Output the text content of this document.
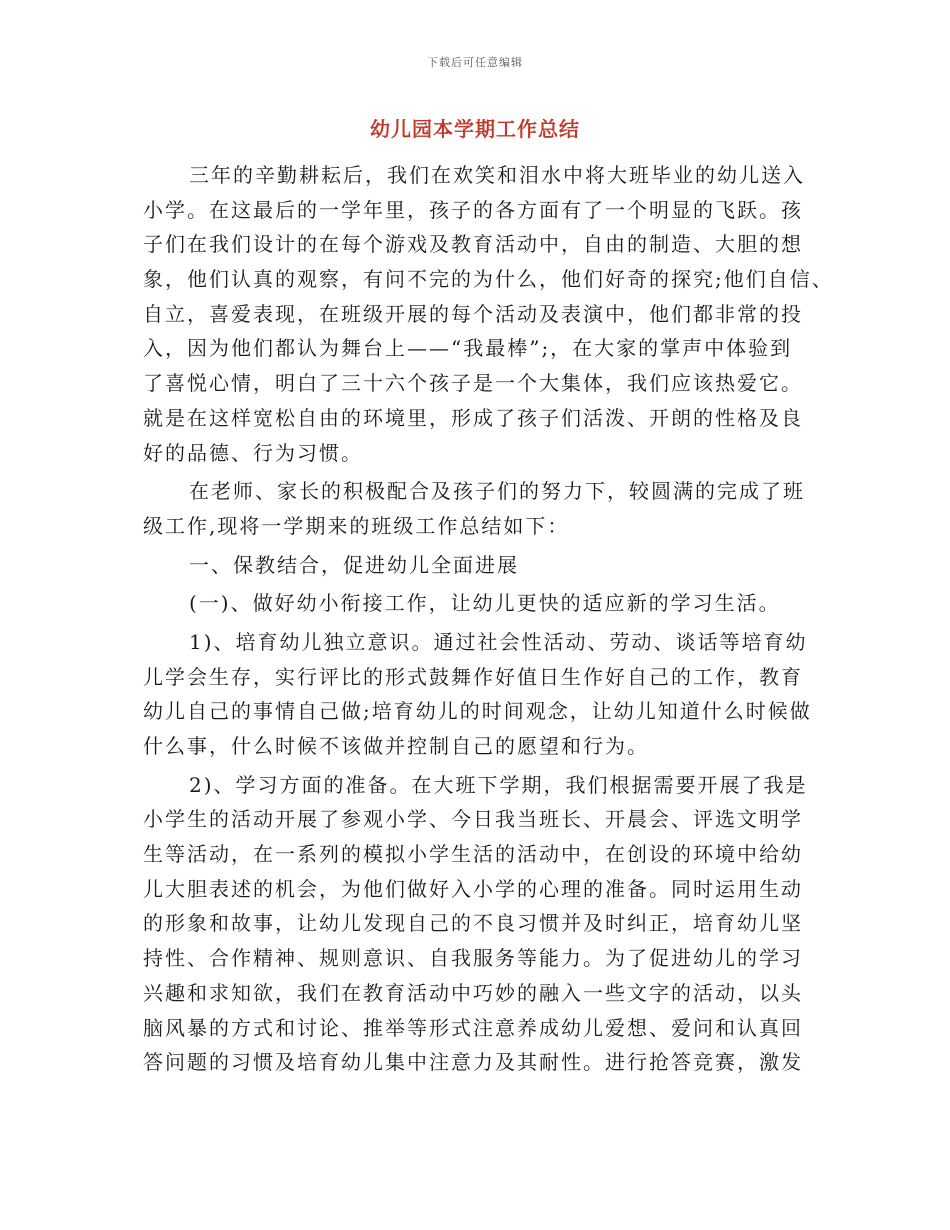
下载后可任意编辑
幼儿园本学期工作总结
三年的辛勤耕耘后，我们在欢笑和泪水中将大班毕业的幼儿送入
小学。在这最后的一学年里，孩子的各方面有了一个明显的飞跃。孩
子们在我们设计的在每个游戏及教育活动中，自由的制造、大胆的想
象，他们认真的观察，有问不完的为什么，他们好奇的探究;他们自信、
自立，喜爱表现，在班级开展的每个活动及表演中，他们都非常的投
入，因为他们都认为舞台上——“我最棒”;，在大家的掌声中体验到
了喜悦心情，明白了三十六个孩子是一个大集体，我们应该热爱它。
就是在这样宽松自由的环境里，形成了孩子们活泼、开朗的性格及良
好的品德、行为习惯。
在老师、家长的积极配合及孩子们的努力下，较圆满的完成了班
级工作,现将一学期来的班级工作总结如下：
一、保教结合，促进幼儿全面进展
(一)、做好幼小衔接工作，让幼儿更快的适应新的学习生活。
1)、培育幼儿独立意识。通过社会性活动、劳动、谈话等培育幼
儿学会生存，实行评比的形式鼓舞作好值日生作好自己的工作，教育
幼儿自己的事情自己做;培育幼儿的时间观念，让幼儿知道什么时候做
什么事，什么时候不该做并控制自己的愿望和行为。
2)、学习方面的准备。在大班下学期，我们根据需要开展了我是
小学生的活动开展了参观小学、今日我当班长、开晨会、评选文明学
生等活动，在一系列的模拟小学生活的活动中，在创设的环境中给幼
儿大胆表述的机会，为他们做好入小学的心理的准备。同时运用生动
的形象和故事，让幼儿发现自己的不良习惯并及时纠正，培育幼儿坚
持性、合作精神、规则意识、自我服务等能力。为了促进幼儿的学习
兴趣和求知欲，我们在教育活动中巧妙的融入一些文字的活动，以头
脑风暴的方式和讨论、推举等形式注意养成幼儿爱想、爱问和认真回
答问题的习惯及培育幼儿集中注意力及其耐性。进行抢答竞赛，激发
